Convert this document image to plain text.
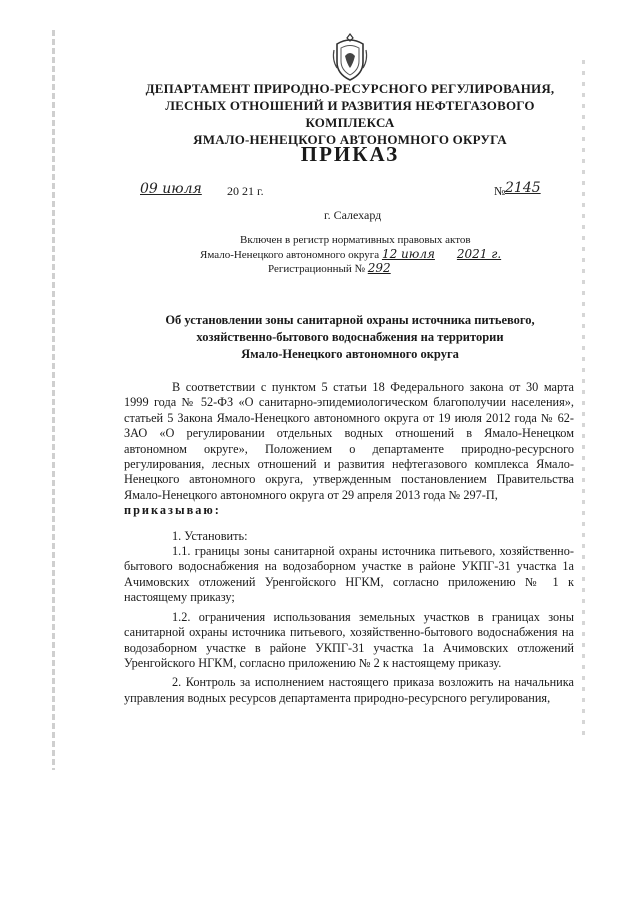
ДЕПАРТАМЕНТ ПРИРОДНО-РЕСУРСНОГО РЕГУЛИРОВАНИЯ,
ЛЕСНЫХ ОТНОШЕНИЙ И РАЗВИТИЯ НЕФТЕГАЗОВОГО КОМПЛЕКСА
ЯМАЛО-НЕНЕЦКОГО АВТОНОМНОГО ОКРУГА
ПРИКАЗ
09 июля 20 21 г.	№ 2145
г. Салехард
Включен в регистр нормативных правовых актов
Ямало-Ненецкого автономного округа 12 июля 2021 г.
Регистрационный № 292
Об установлении зоны санитарной охраны источника питьевого,
хозяйственно-бытового водоснабжения на территории
Ямало-Ненецкого автономного округа

В соответствии с пунктом 5 статьи 18 Федерального закона от 30 марта 1999 года № 52-ФЗ «О санитарно-эпидемиологическом благополучии населения», статьей 5 Закона Ямало-Ненецкого автономного округа от 19 июля 2012 года № 62-ЗАО «О регулировании отдельных водных отношений в Ямало-Ненецком автономном округе», Положением о департаменте природно-ресурсного регулирования, лесных отношений и развития нефтегазового комплекса Ямало-Ненецкого автономного округа, утвержденным постановлением Правительства Ямало-Ненецкого автономного округа от 29 апреля 2013 года № 297-П,

приказываю:

1. Установить:

1.1. границы зоны санитарной охраны источника питьевого, хозяйственно-бытового водоснабжения на водозаборном участке в районе УКПГ-31 участка 1а Ачимовских отложений Уренгойского НГКМ, согласно приложению № 1 к настоящему приказу;

1.2. ограничения использования земельных участков в границах зоны санитарной охраны источника питьевого, хозяйственно-бытового водоснабжения на водозаборном участке в районе УКПГ-31 участка 1а Ачимовских отложений Уренгойского НГКМ, согласно приложению № 2 к настоящему приказу.

2. Контроль за исполнением настоящего приказа возложить на начальника управления водных ресурсов департамента природно-ресурсного регулирования,
